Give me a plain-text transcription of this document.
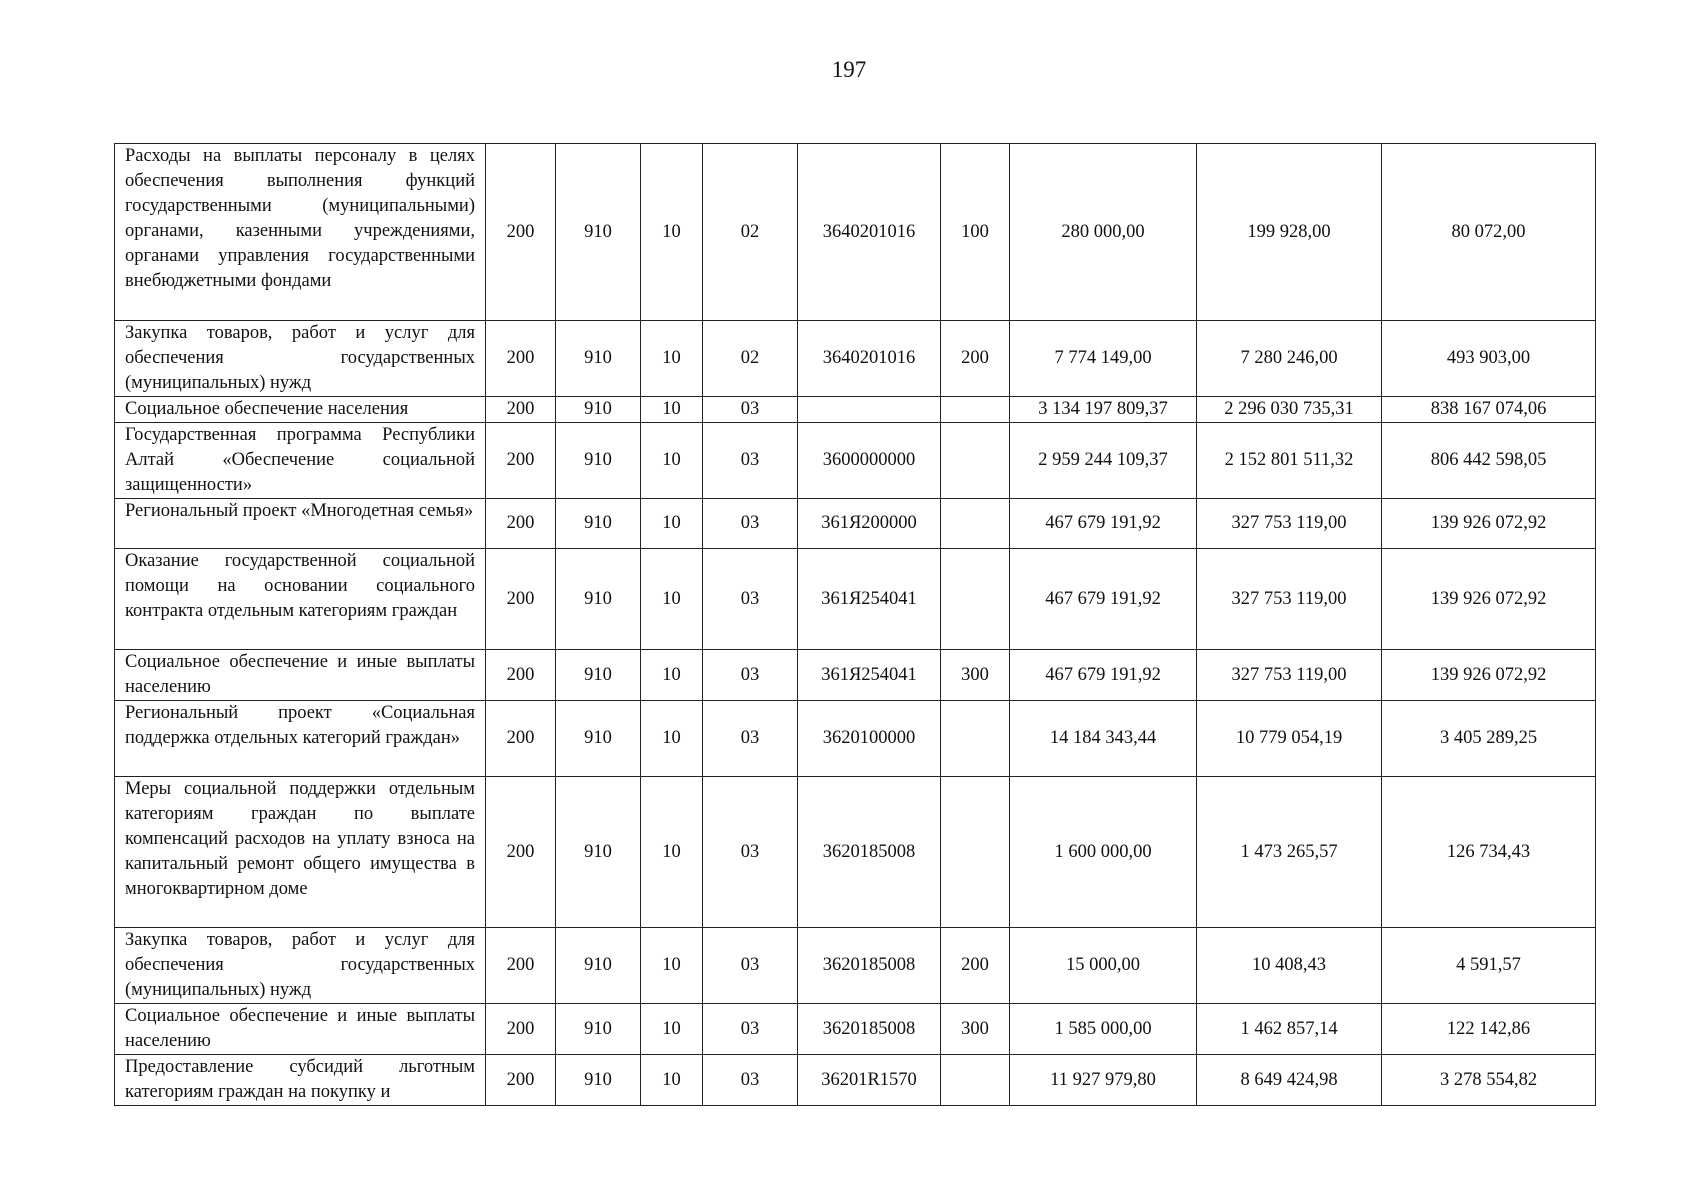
197
Расходы на выплаты персоналу в целях обеспечения выполнения функций государственными (муниципальными) органами, казенными учреждениями, органами управления государственными внебюджетными фондами	200	910	10	02	3640201016	100	280 000,00	199 928,00	80 072,00
Закупка товаров, работ и услуг для обеспечения государственных (муниципальных) нужд	200	910	10	02	3640201016	200	7 774 149,00	7 280 246,00	493 903,00
Социальное обеспечение населения	200	910	10	03			3 134 197 809,37	2 296 030 735,31	838 167 074,06
Государственная программа Республики Алтай «Обеспечение социальной защищенности»	200	910	10	03	3600000000		2 959 244 109,37	2 152 801 511,32	806 442 598,05
Региональный проект «Многодетная семья»	200	910	10	03	361Я200000		467 679 191,92	327 753 119,00	139 926 072,92
Оказание государственной социальной помощи на основании социального контракта отдельным категориям граждан	200	910	10	03	361Я254041		467 679 191,92	327 753 119,00	139 926 072,92
Социальное обеспечение и иные выплаты населению	200	910	10	03	361Я254041	300	467 679 191,92	327 753 119,00	139 926 072,92
Региональный проект «Социальная поддержка отдельных категорий граждан»	200	910	10	03	3620100000		14 184 343,44	10 779 054,19	3 405 289,25
Меры социальной поддержки отдельным категориям граждан по выплате компенсаций расходов на уплату взноса на капитальный ремонт общего имущества в многоквартирном доме	200	910	10	03	3620185008		1 600 000,00	1 473 265,57	126 734,43
Закупка товаров, работ и услуг для обеспечения государственных (муниципальных) нужд	200	910	10	03	3620185008	200	15 000,00	10 408,43	4 591,57
Социальное обеспечение и иные выплаты населению	200	910	10	03	3620185008	300	1 585 000,00	1 462 857,14	122 142,86
Предоставление субсидий льготным категориям граждан на покупку и	200	910	10	03	36201R1570		11 927 979,80	8 649 424,98	3 278 554,82
